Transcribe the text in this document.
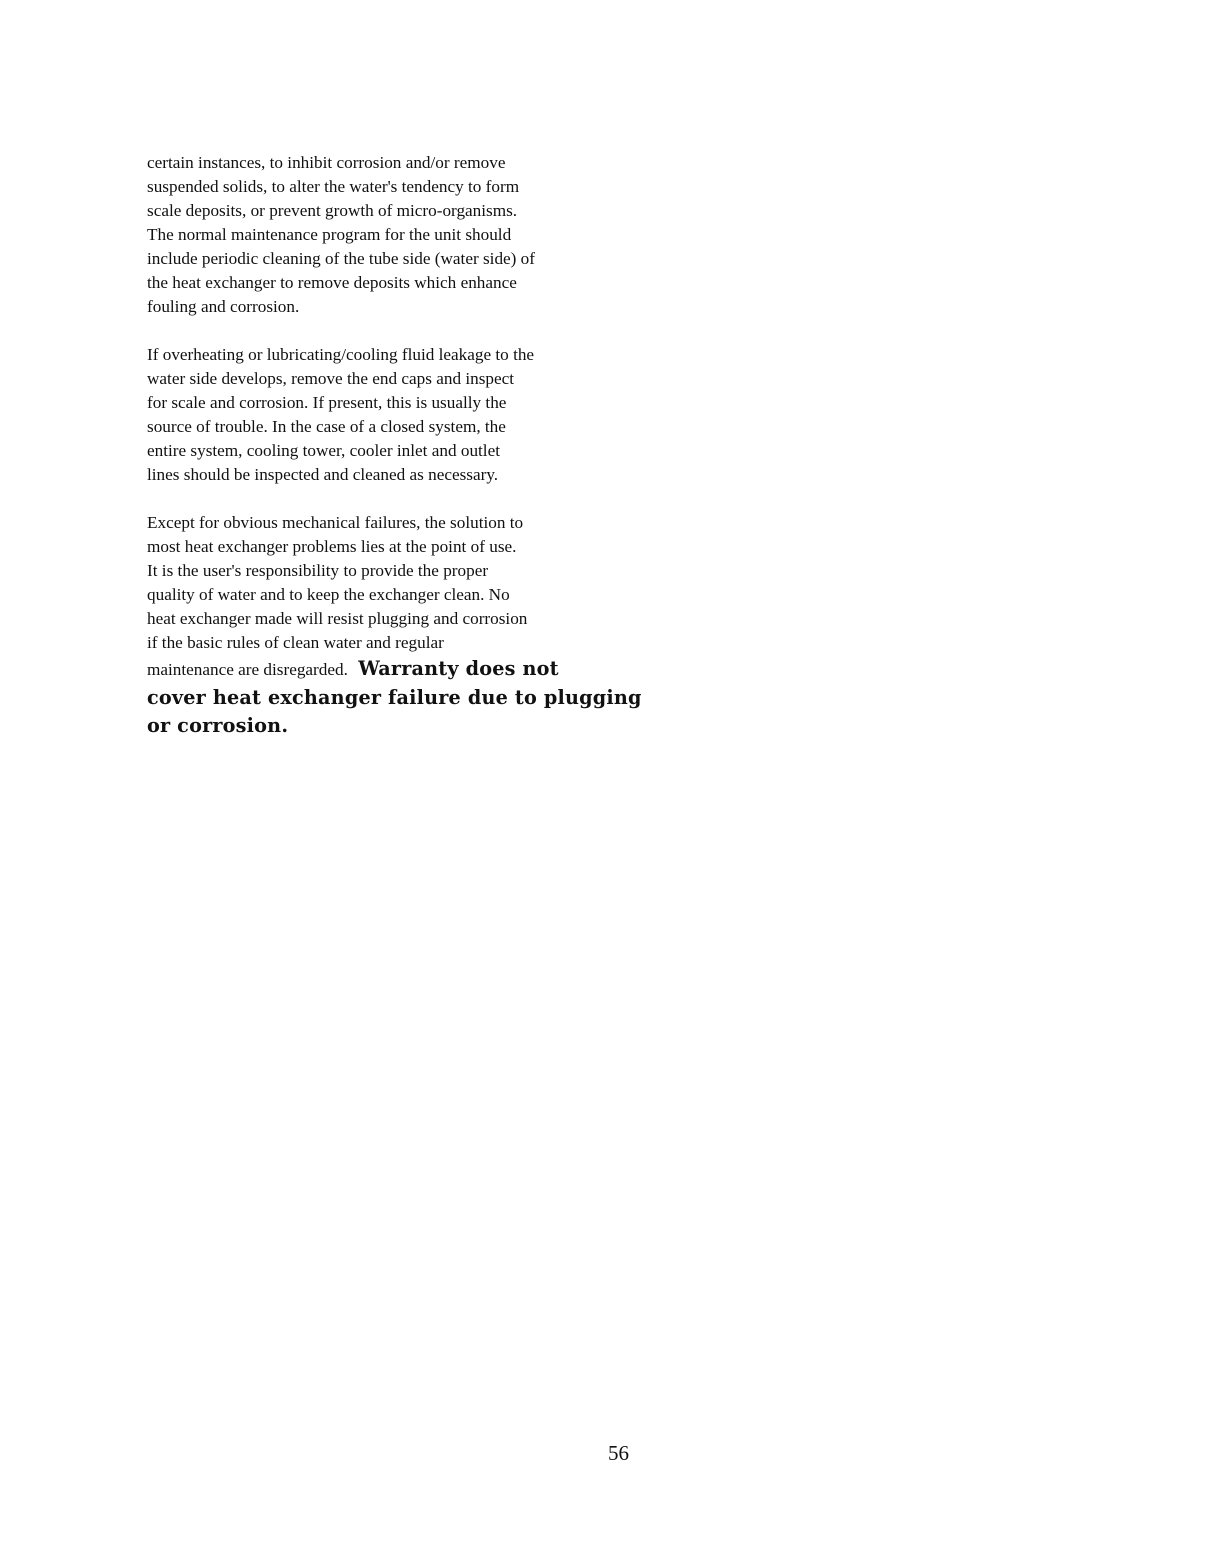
certain instances, to inhibit corrosion and/or remove
suspended solids, to alter the water's tendency to form
scale deposits, or prevent growth of micro-organisms.
The normal maintenance program for the unit should
include periodic cleaning of the tube side (water side) of
the heat exchanger to remove deposits which enhance
fouling and corrosion.

If overheating or lubricating/cooling fluid leakage to the
water side develops, remove the end caps and inspect
for scale and corrosion. If present, this is usually the
source of trouble. In the case of a closed system, the
entire system, cooling tower, cooler inlet and outlet
lines should be inspected and cleaned as necessary.

Except for obvious mechanical failures, the solution to
most heat exchanger problems lies at the point of use.
It is the user's responsibility to provide the proper
quality of water and to keep the exchanger clean. No
heat exchanger made will resist plugging and corrosion
if the basic rules of clean water and regular
maintenance are disregarded. Warranty does not
cover heat exchanger failure due to plugging
or corrosion.

56
